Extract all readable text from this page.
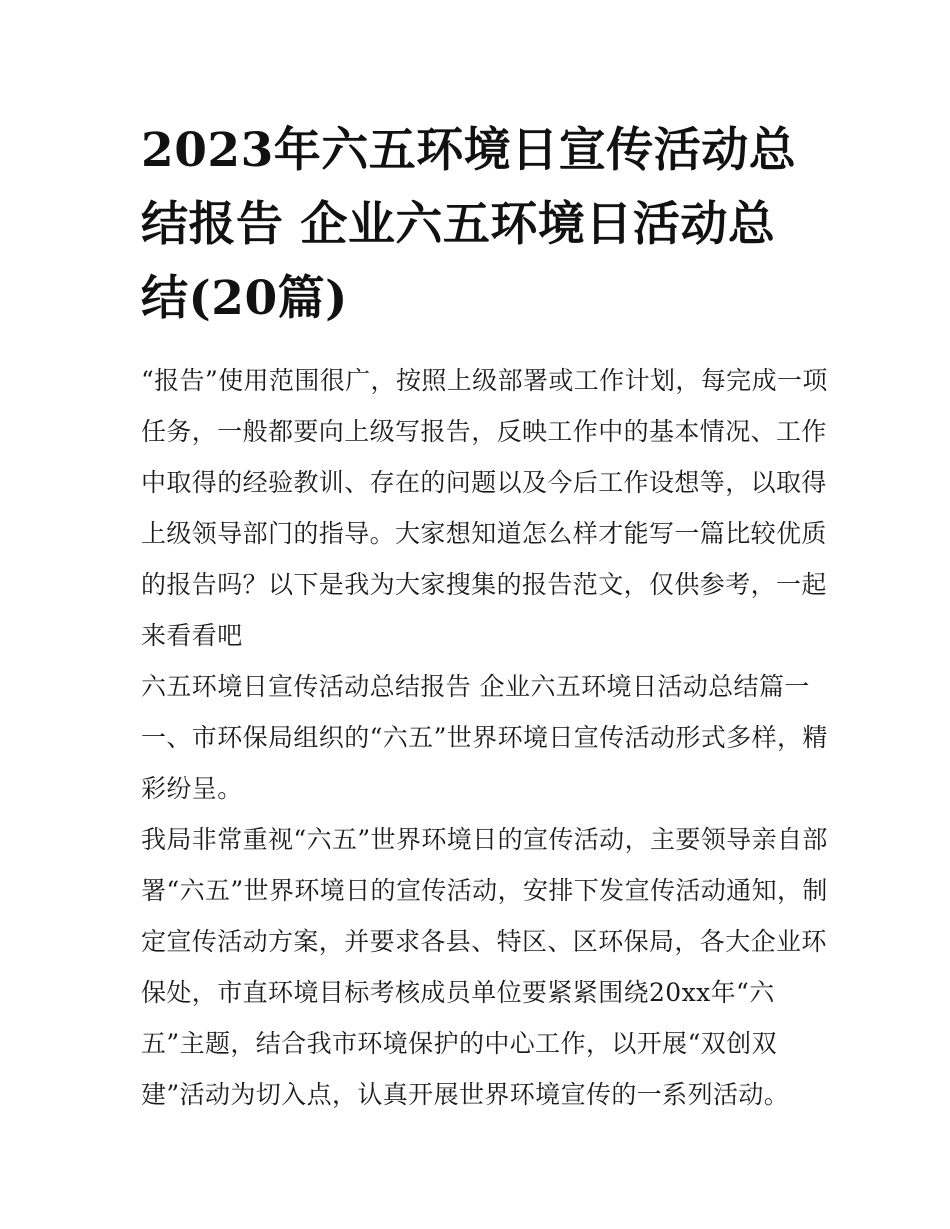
2023年六五环境日宣传活动总
结报告 企业六五环境日活动总
结(20篇)

“报告”使用范围很广，按照上级部署或工作计划，每完成一项
任务，一般都要向上级写报告，反映工作中的基本情况、工作
中取得的经验教训、存在的问题以及今后工作设想等，以取得
上级领导部门的指导。大家想知道怎么样才能写一篇比较优质
的报告吗？以下是我为大家搜集的报告范文，仅供参考，一起
来看看吧

六五环境日宣传活动总结报告 企业六五环境日活动总结篇一

一、市环保局组织的“六五”世界环境日宣传活动形式多样，精
彩纷呈。

我局非常重视“六五”世界环境日的宣传活动，主要领导亲自部
署“六五”世界环境日的宣传活动，安排下发宣传活动通知，制
定宣传活动方案，并要求各县、特区、区环保局，各大企业环
保处，市直环境目标考核成员单位要紧紧围绕20xx年“六
五”主题，结合我市环境保护的中心工作，以开展“双创双
建”活动为切入点，认真开展世界环境宣传的一系列活动。
